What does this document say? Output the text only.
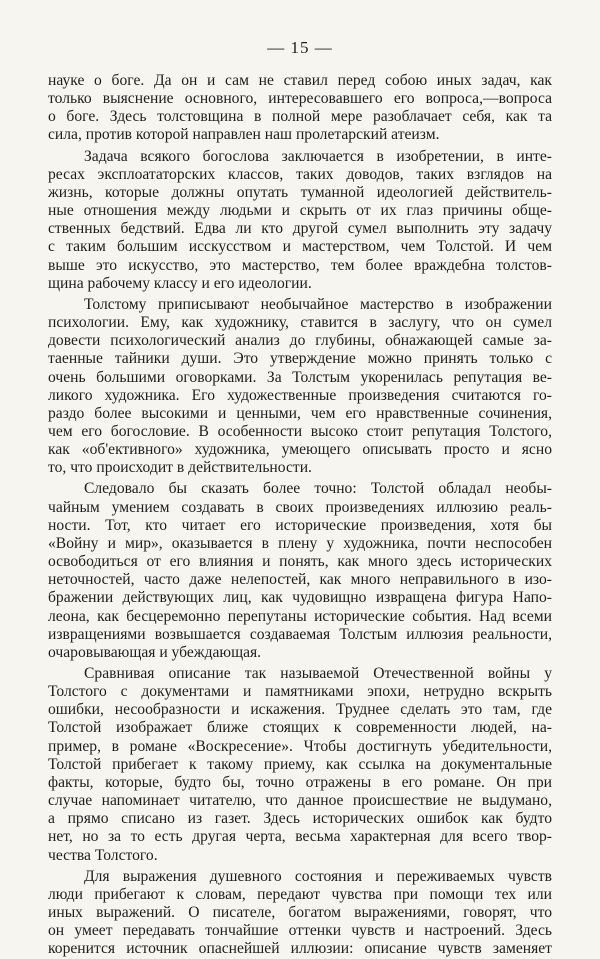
— 15 —
науке о боге. Да он и сам не ставил перед собою иных задач, как
только выяснение основного, интересовавшего его вопроса,—вопроса
о боге. Здесь толстовщина в полной мере разоблачает себя, как та
сила, против которой направлен наш пролетарский атеизм.
Задача всякого богослова заключается в изобретении, в инте-
ресах эксплоататорских классов, таких доводов, таких взглядов на
жизнь, которые должны опутать туманной идеологией действитель-
ные отношения между людьми и скрыть от их глаз причины обще-
ственных бедствий. Едва ли кто другой сумел выполнить эту задачу
с таким большим исскусством и мастерством, чем Толстой. И чем
выше это искусство, это мастерство, тем более враждебна толстов-
щина рабочему классу и его идеологии.
Толстому приписывают необычайное мастерство в изображении
психологии. Ему, как художнику, ставится в заслугу, что он сумел
довести психологический анализ до глубины, обнажающей самые за-
таенные тайники души. Это утверждение можно принять только с
очень большими оговорками. За Толстым укоренилась репутация ве-
ликого художника. Его художественные произведения считаются го-
раздо более высокими и ценными, чем его нравственные сочинения,
чем его богословие. В особенности высоко стоит репутация Толстого,
как «об'ективного» художника, умеющего описывать просто и ясно
то, что происходит в действительности.
Следовало бы сказать более точно: Толстой обладал необы-
чайным умением создавать в своих произведениях иллюзию реаль-
ности. Тот, кто читает его исторические произведения, хотя бы
«Войну и мир», оказывается в плену у художника, почти неспособен
освободиться от его влияния и понять, как много здесь исторических
неточностей, часто даже нелепостей, как много неправильного в изо-
бражении действующих лиц, как чудовищно извращена фигура Напо-
леона, как бесцеремонно перепутаны исторические события. Над всеми
извращениями возвышается создаваемая Толстым иллюзия реальности,
очаровывающая и убеждающая.
Сравнивая описание так называемой Отечественной войны у
Толстого с документами и памятниками эпохи, нетрудно вскрыть
ошибки, несообразности и искажения. Труднее сделать это там, где
Толстой изображает ближе стоящих к современности людей, на-
пример, в романе «Воскресение». Чтобы достигнуть убедительности,
Толстой прибегает к такому приему, как ссылка на документальные
факты, которые, будто бы, точно отражены в его романе. Он при
случае напоминает читателю, что данное происшествие не выдумано,
а прямо списано из газет. Здесь исторических ошибок как будто
нет, но за то есть другая черта, весьма характерная для всего твор-
чества Толстого.
Для выражения душевного состояния и переживаемых чувств
люди прибегают к словам, передают чувства при помощи тех или
иных выражений. О писателе, богатом выражениями, говорят, что
он умеет передавать тончайшие оттенки чувств и настроений. Здесь
коренится источник опаснейшей иллюзии: описание чувств заменяет
